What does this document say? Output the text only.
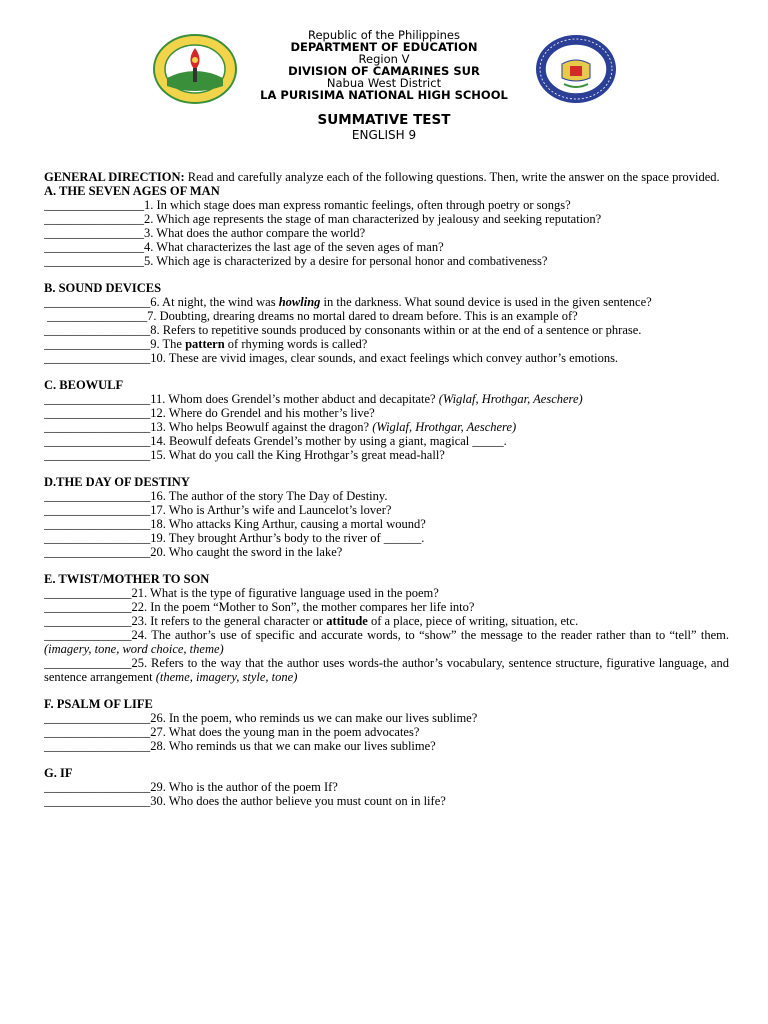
Republic of the Philippines
DEPARTMENT OF EDUCATION
Region V
DIVISION OF CAMARINES SUR
Nabua West District
LA PURISIMA NATIONAL HIGH SCHOOL
SUMMATIVE TEST
ENGLISH 9
GENERAL DIRECTION: Read and carefully analyze each of the following questions. Then, write the answer on the space provided.
A. THE SEVEN AGES OF MAN
________________1. In which stage does man express romantic feelings, often through poetry or songs?
________________2. Which age represents the stage of man characterized by jealousy and seeking reputation?
________________3. What does the author compare the world?
________________4. What characterizes the last age of the seven ages of man?
________________5. Which age is characterized by a desire for personal honor and combativeness?
B. SOUND DEVICES
_________________6. At night, the wind was howling in the darkness. What sound device is used in the given sentence?
________________7. Doubting, drearing dreams no mortal dared to dream before. This is an example of?
_________________8. Refers to repetitive sounds produced by consonants within or at the end of a sentence or phrase.
_________________9. The pattern of rhyming words is called?
_________________10. These are vivid images, clear sounds, and exact feelings which convey author’s emotions.
C. BEOWULF
_________________11. Whom does Grendel’s mother abduct and decapitate? (Wiglaf, Hrothgar, Aeschere)
_________________12. Where do Grendel and his mother’s live?
_________________13. Who helps Beowulf against the dragon? (Wiglaf, Hrothgar, Aeschere)
_________________14. Beowulf defeats Grendel’s mother by using a giant, magical _____.
_________________15. What do you call the King Hrothgar’s great mead-hall?
D.THE DAY OF DESTINY
_________________16. The author of the story The Day of Destiny.
_________________17. Who is Arthur’s wife and Launcelot’s lover?
_________________18. Who attacks King Arthur, causing a mortal wound?
_________________19. They brought Arthur’s body to the river of ______.
_________________20. Who caught the sword in the lake?
E. TWIST/MOTHER TO SON
______________21. What is the type of figurative language used in the poem?
______________22. In the poem “Mother to Son”, the mother compares her life into?
______________23. It refers to the general character or attitude of a place, piece of writing, situation, etc.
______________24. The author’s use of specific and accurate words, to “show” the message to the reader rather than to “tell” them. (imagery, tone, word choice, theme)
______________25. Refers to the way that the author uses words-the author’s vocabulary, sentence structure, figurative language, and sentence arrangement (theme, imagery, style, tone)
F. PSALM OF LIFE
_________________26. In the poem, who reminds us we can make our lives sublime?
_________________27. What does the young man in the poem advocates?
_________________28. Who reminds us that we can make our lives sublime?
G. IF
_________________29. Who is the author of the poem If?
_________________30. Who does the author believe you must count on in life?
